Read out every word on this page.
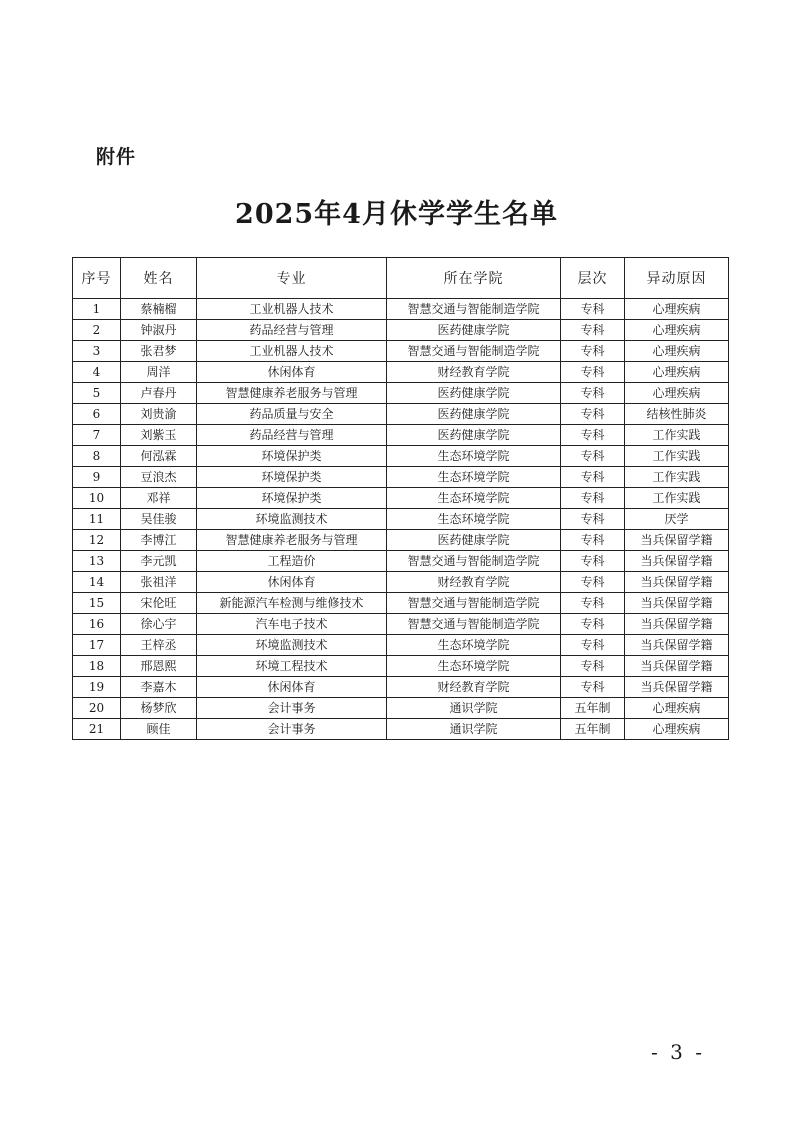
附件
2025年4月休学学生名单
序号	姓名	专业	所在学院	层次	异动原因
1	蔡楠榴	工业机器人技术	智慧交通与智能制造学院	专科	心理疾病
2	钟淑丹	药品经营与管理	医药健康学院	专科	心理疾病
3	张君梦	工业机器人技术	智慧交通与智能制造学院	专科	心理疾病
4	周洋	休闲体育	财经教育学院	专科	心理疾病
5	卢春丹	智慧健康养老服务与管理	医药健康学院	专科	心理疾病
6	刘贵渝	药品质量与安全	医药健康学院	专科	结核性肺炎
7	刘紫玉	药品经营与管理	医药健康学院	专科	工作实践
8	何泓霖	环境保护类	生态环境学院	专科	工作实践
9	豆浪杰	环境保护类	生态环境学院	专科	工作实践
10	邓祥	环境保护类	生态环境学院	专科	工作实践
11	吴佳骏	环境监测技术	生态环境学院	专科	厌学
12	李博江	智慧健康养老服务与管理	医药健康学院	专科	当兵保留学籍
13	李元凯	工程造价	智慧交通与智能制造学院	专科	当兵保留学籍
14	张祖洋	休闲体育	财经教育学院	专科	当兵保留学籍
15	宋伦旺	新能源汽车检测与维修技术	智慧交通与智能制造学院	专科	当兵保留学籍
16	徐心宇	汽车电子技术	智慧交通与智能制造学院	专科	当兵保留学籍
17	王梓丞	环境监测技术	生态环境学院	专科	当兵保留学籍
18	邢恩熙	环境工程技术	生态环境学院	专科	当兵保留学籍
19	李嘉木	休闲体育	财经教育学院	专科	当兵保留学籍
20	杨梦欣	会计事务	通识学院	五年制	心理疾病
21	顾佳	会计事务	通识学院	五年制	心理疾病
- 3 -
